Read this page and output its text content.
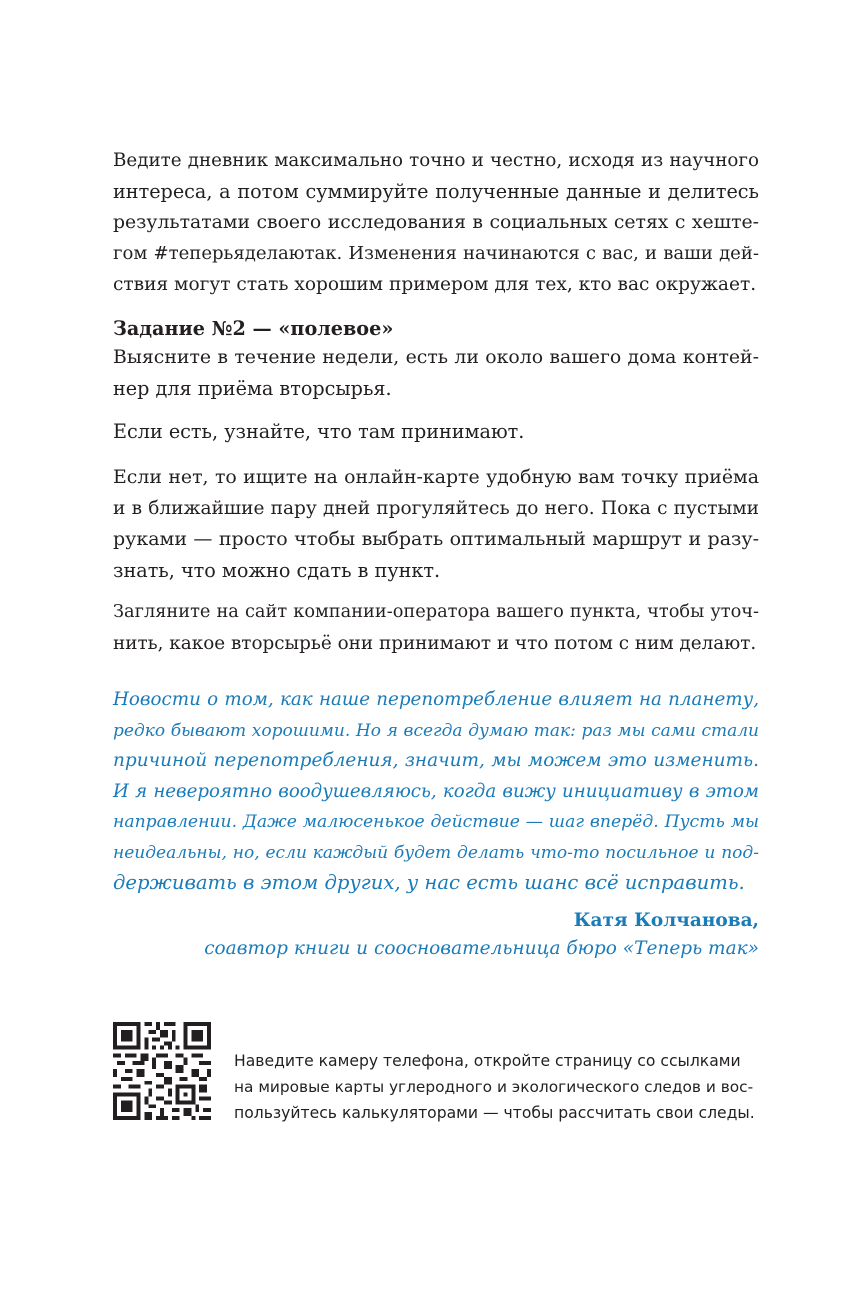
Ведите дневник максимально точно и честно, исходя из научного
интереса, а потом суммируйте полученные данные и делитесь
результатами своего исследования в социальных сетях с хеште-
гом #теперьяделаютак. Изменения начинаются с вас, и ваши дей-
ствия могут стать хорошим примером для тех, кто вас окружает.
Задание №2 — «полевое»
Выясните в течение недели, есть ли около вашего дома контей-
нер для приёма вторсырья.
Если есть, узнайте, что там принимают.
Если нет, то ищите на онлайн-карте удобную вам точку приёма
и в ближайшие пару дней прогуляйтесь до него. Пока с пустыми
руками — просто чтобы выбрать оптимальный маршрут и разу-
знать, что можно сдать в пункт.
Загляните на сайт компании-оператора вашего пункта, чтобы уточ-
нить, какое вторсырьё они принимают и что потом с ним делают.
Новости о том, как наше перепотребление влияет на планету,
редко бывают хорошими. Но я всегда думаю так: раз мы сами стали
причиной перепотребления, значит, мы можем это изменить.
И я невероятно воодушевляюсь, когда вижу инициативу в этом
направлении. Даже малюсенькое действие — шаг вперёд. Пусть мы
неидеальны, но, если каждый будет делать что-то посильное и под-
держивать в этом других, у нас есть шанс всё исправить.
Катя Колчанова,
соавтор книги и соосновательница бюро «Теперь так»
Наведите камеру телефона, откройте страницу со ссылками
на мировые карты углеродного и экологического следов и вос-
пользуйтесь калькуляторами — чтобы рассчитать свои следы.
